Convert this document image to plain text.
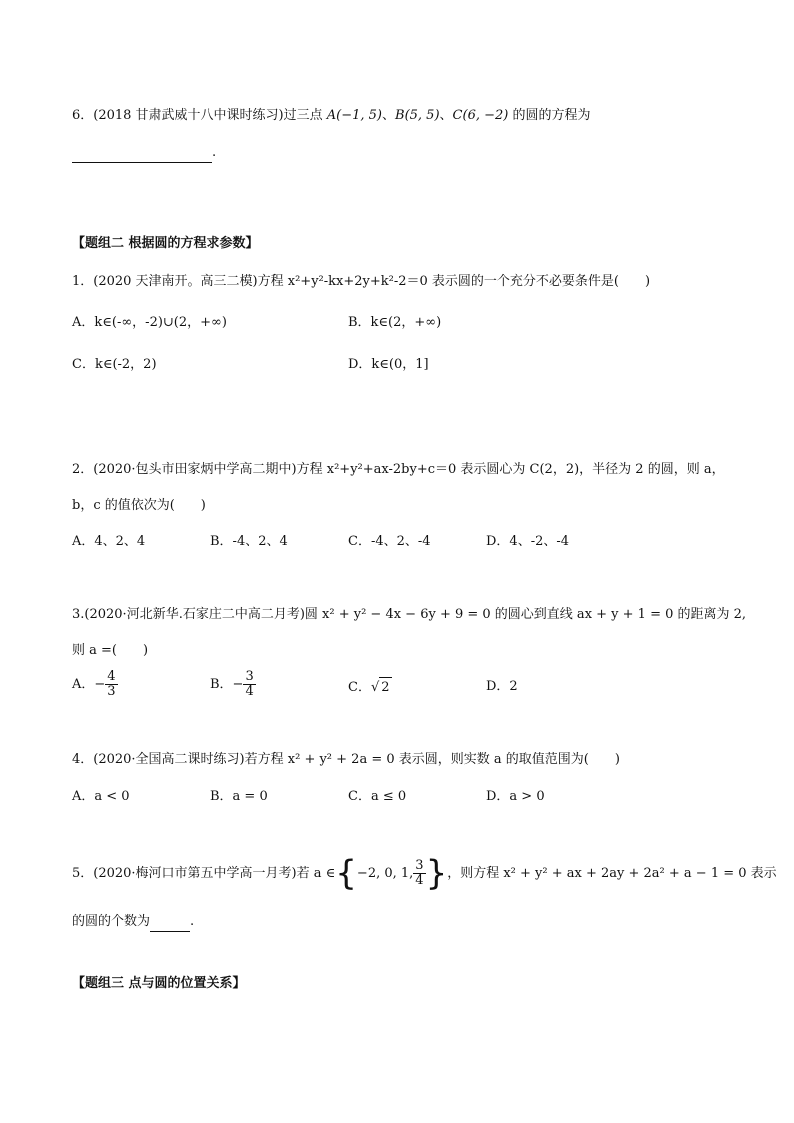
6．(2018 甘肃武威十八中课时练习)过三点 A(−1, 5)、B(5, 5)、C(6, −2) 的圆的方程为
.
【题组二 根据圆的方程求参数】
1．(2020 天津南开。高三二模)方程 x²+y²-kx+2y+k²-2＝0 表示圆的一个充分不必要条件是(　　)
A．k∈(-∞，-2)∪(2，+∞)	B．k∈(2，+∞)
C．k∈(-2，2)	D．k∈(0，1]
2．(2020·包头市田家炳中学高二期中)方程 x²+y²+ax-2by+c＝0 表示圆心为 C(2，2)，半径为 2 的圆，则 a，
b，c 的值依次为(　　)
A．4、2、4	B．-4、2、4	C．-4、2、-4	D．4、-2、-4
3.(2020·河北新华.石家庄二中高二月考)圆 x² + y² − 4x − 6y + 9 = 0 的圆心到直线 ax + y + 1 = 0 的距离为 2,
则 a =(　　)
A．− $\frac{4}{3}$	B．− $\frac{3}{4}$	C．√ 2	D．2
4．(2020·全国高二课时练习)若方程 x² + y² + 2a = 0 表示圆，则实数 a 的取值范围为(　　)
A．a < 0	B．a = 0	C．a ≤ 0	D．a > 0
5．(2020·梅河口市第五中学高一月考)若 a ∈{−2, 0, 1, $\frac{3}{4}$ }，则方程 x² + y² + ax + 2ay + 2a² + a − 1 = 0 表示
的圆的个数为	.
【题组三 点与圆的位置关系】
